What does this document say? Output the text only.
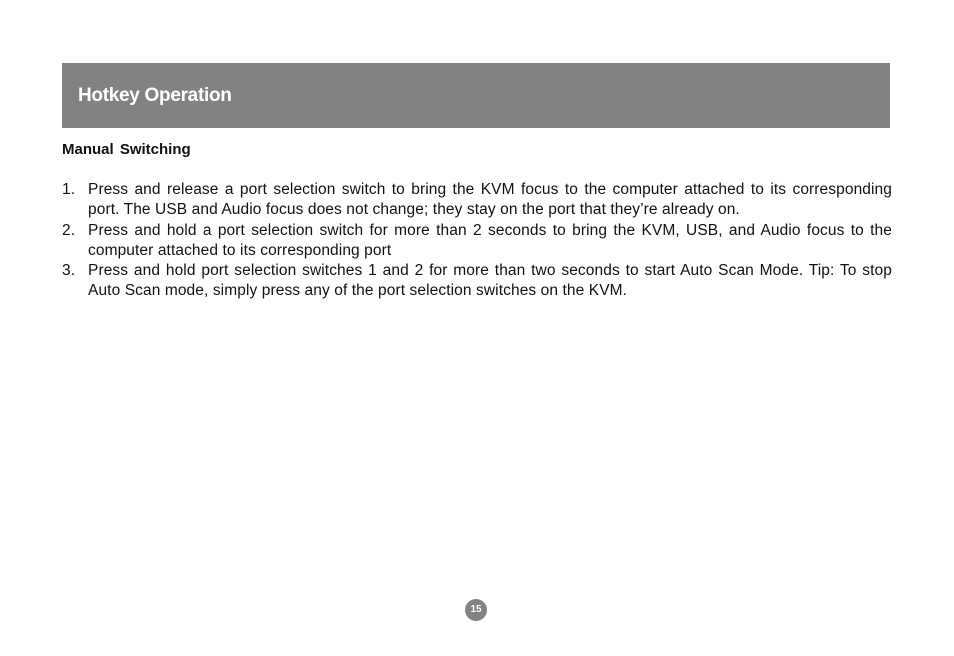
Hotkey Operation
Manual Switching
1. Press and release a port selection switch to bring the KVM focus to the computer attached to its corresponding port. The USB and Audio focus does not change; they stay on the port that they’re already on.
2. Press and hold a port selection switch for more than 2 seconds to bring the KVM, USB, and Audio focus to the computer attached to its corresponding port
3. Press and hold port selection switches 1 and 2 for more than two seconds to start Auto Scan Mode. Tip: To stop Auto Scan mode, simply press any of the port selection switches on the KVM.
15
